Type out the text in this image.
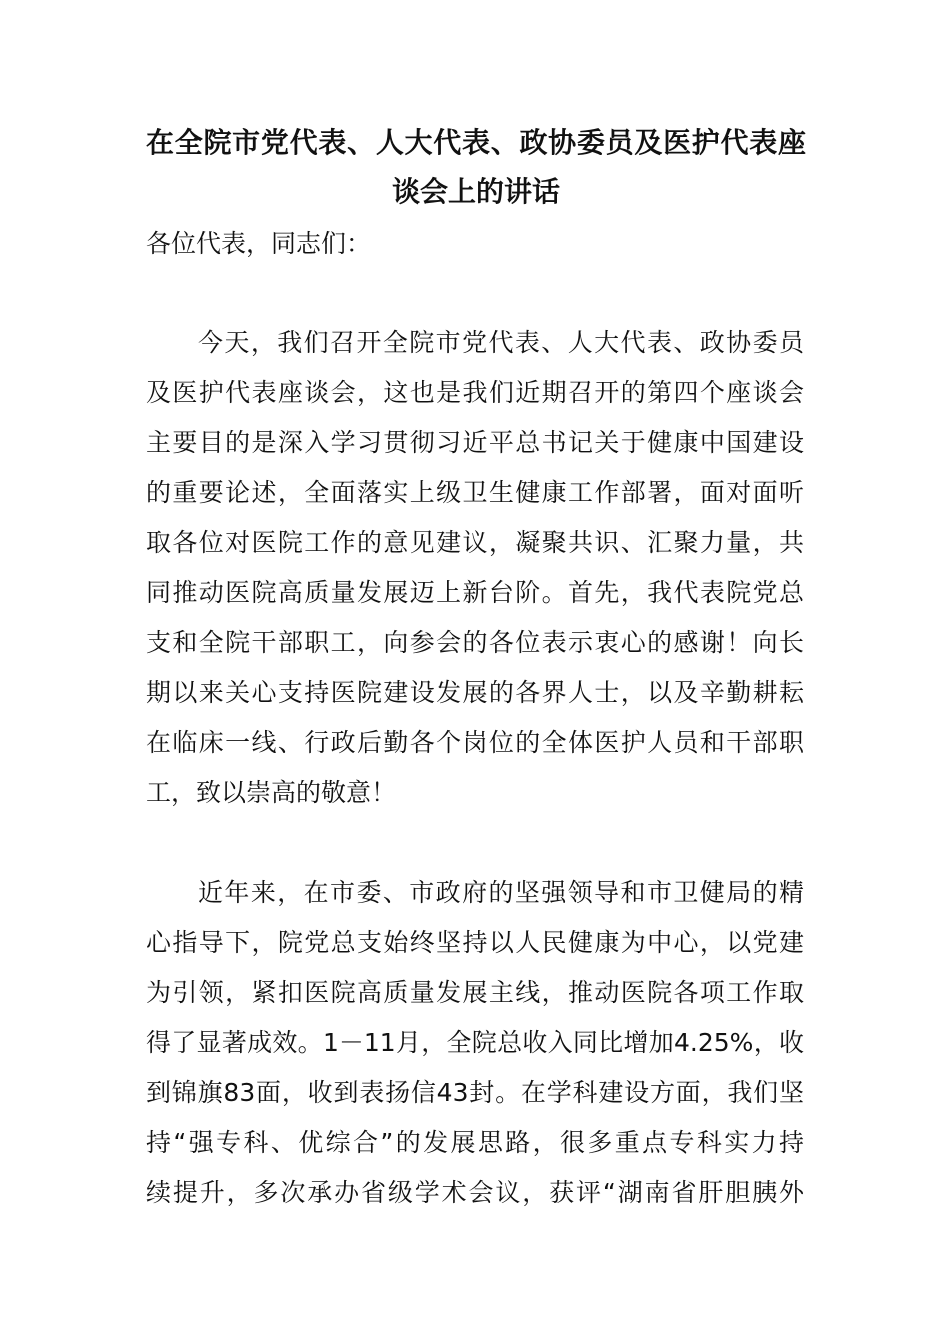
在全院市党代表、人大代表、政协委员及医护代表座
谈会上的讲话
各位代表，同志们：
今天，我们召开全院市党代表、人大代表、政协委员
及医护代表座谈会，这也是我们近期召开的第四个座谈会
主要目的是深入学习贯彻习近平总书记关于健康中国建设
的重要论述，全面落实上级卫生健康工作部署，面对面听
取各位对医院工作的意见建议，凝聚共识、汇聚力量，共
同推动医院高质量发展迈上新台阶。首先，我代表院党总
支和全院干部职工，向参会的各位表示衷心的感谢！向长
期以来关心支持医院建设发展的各界人士，以及辛勤耕耘
在临床一线、行政后勤各个岗位的全体医护人员和干部职
工，致以崇高的敬意！
近年来，在市委、市政府的坚强领导和市卫健局的精
心指导下，院党总支始终坚持以人民健康为中心，以党建
为引领，紧扣医院高质量发展主线，推动医院各项工作取
得了显著成效。1－11月，全院总收入同比增加4.25%，收
到锦旗83面，收到表扬信43封。在学科建设方面，我们坚
持“强专科、优综合”的发展思路，很多重点专科实力持
续提升，多次承办省级学术会议，获评“湖南省肝胆胰外
